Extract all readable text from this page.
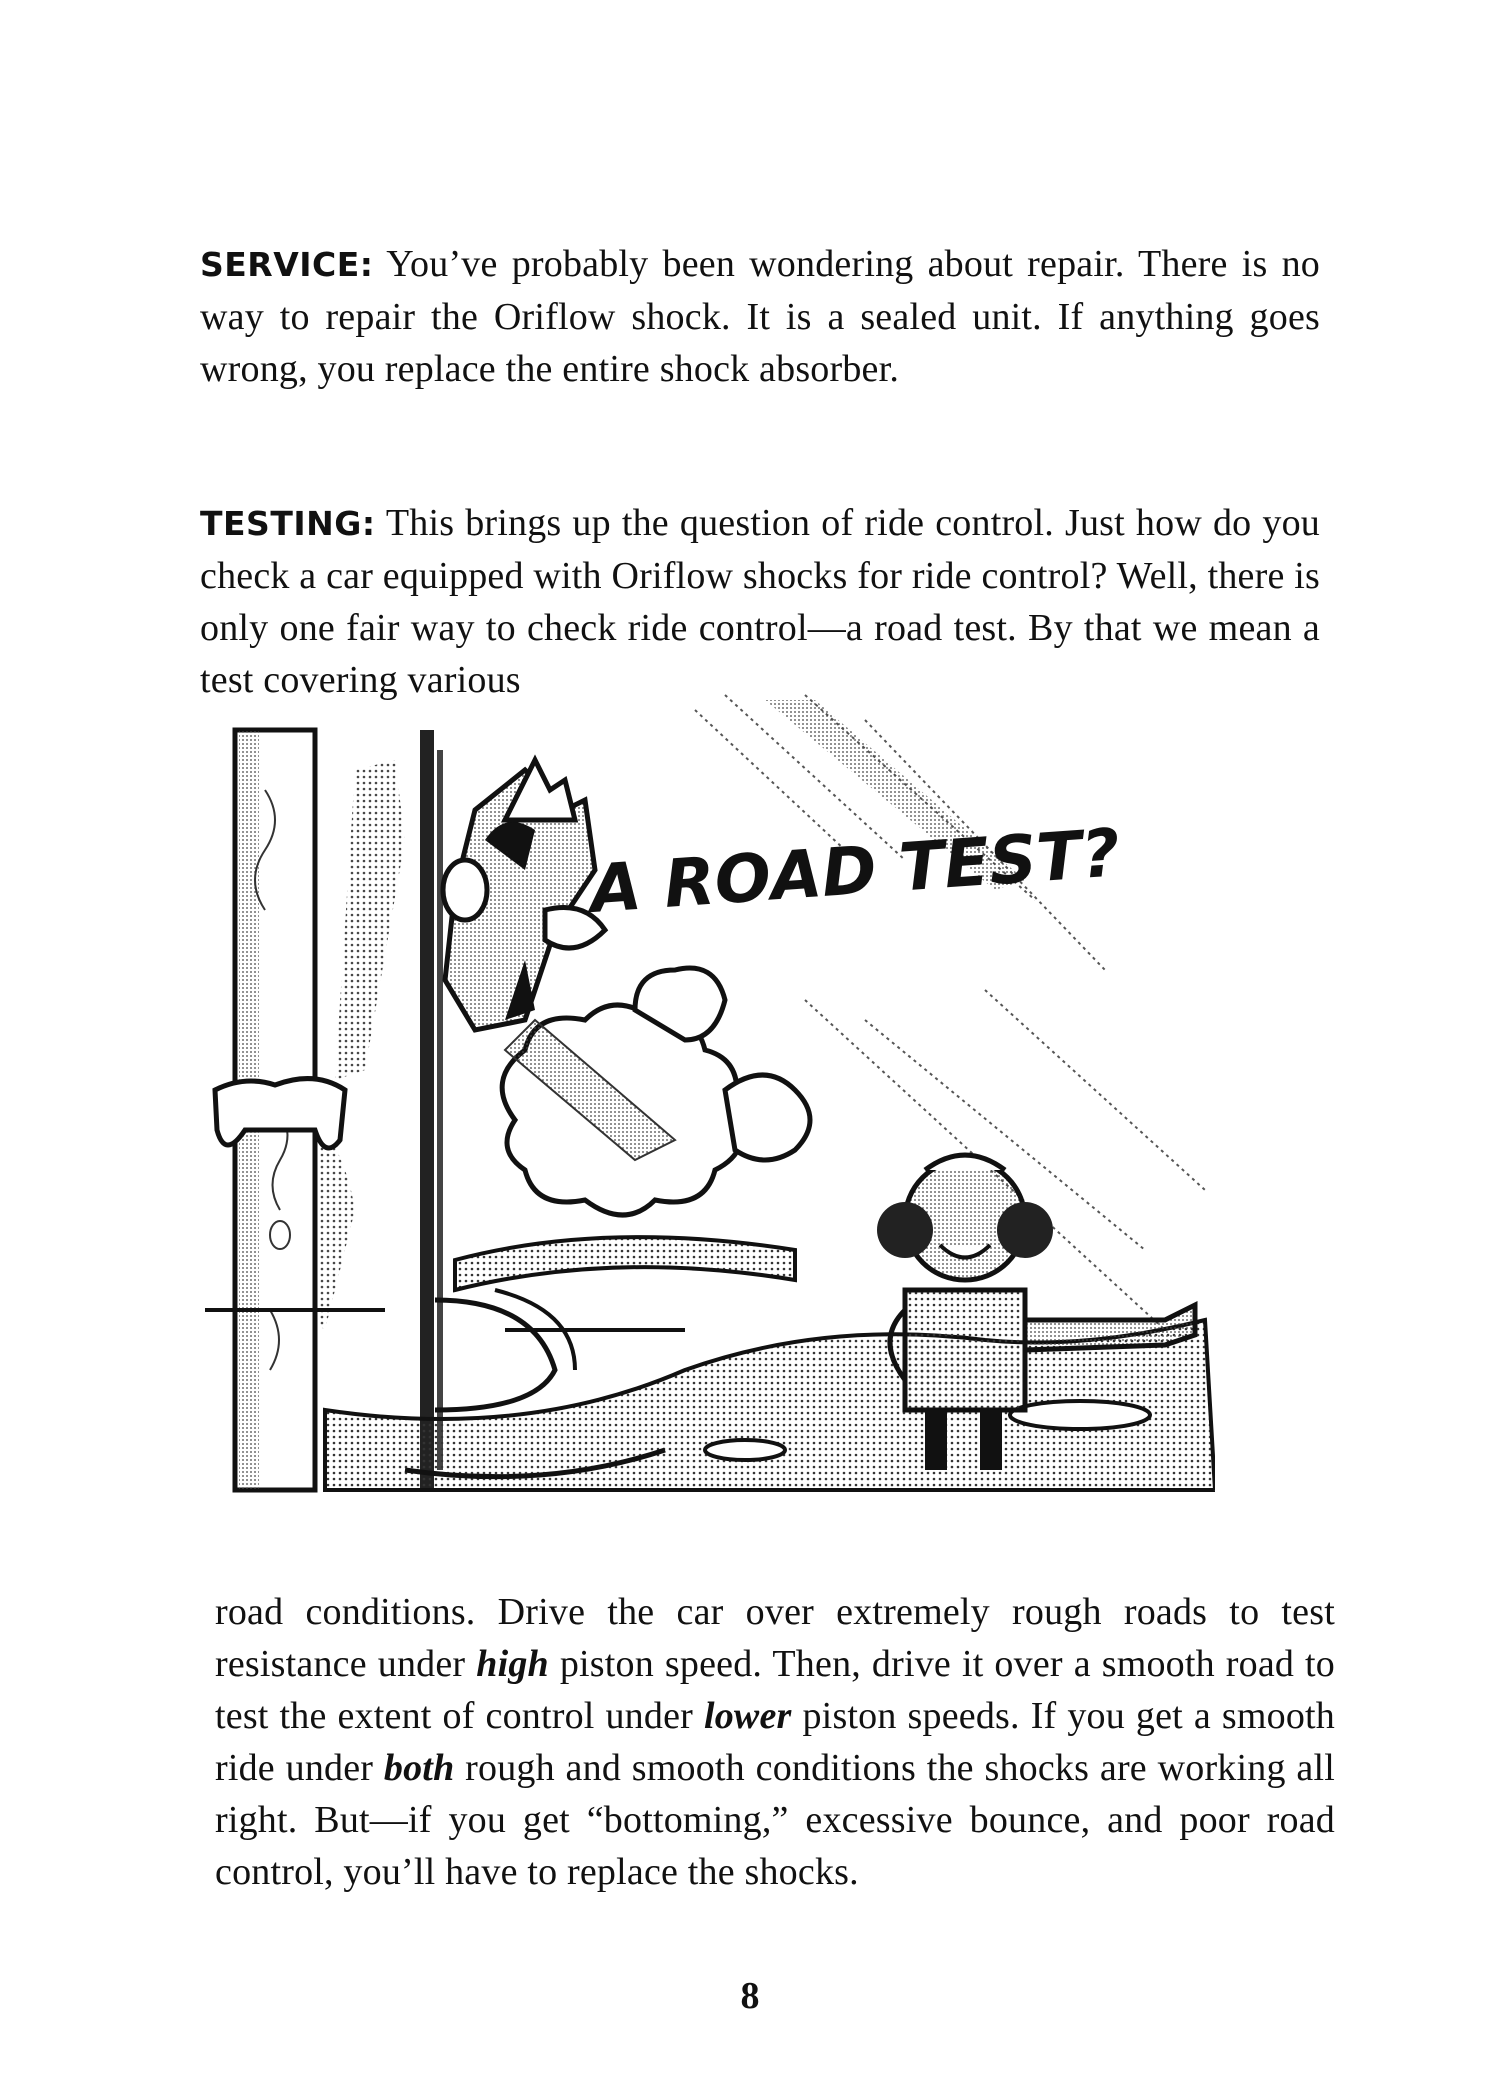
SERVICE: You’ve probably been wondering about repair. There is no way to repair the Oriflow shock. It is a sealed unit. If anything goes wrong, you replace the entire shock absorber.

TESTING: This brings up the question of ride control. Just how do you check a car equipped with Oriflow shocks for ride control? Well, there is only one fair way to check ride control—a road test. By that we mean a test covering various

A ROAD TEST?

road conditions. Drive the car over extremely rough roads to test resistance under high piston speed. Then, drive it over a smooth road to test the extent of control under lower piston speeds. If you get a smooth ride under both rough and smooth conditions the shocks are working all right. But—if you get “bottoming,” excessive bounce, and poor road control, you’ll have to replace the shocks.

8
